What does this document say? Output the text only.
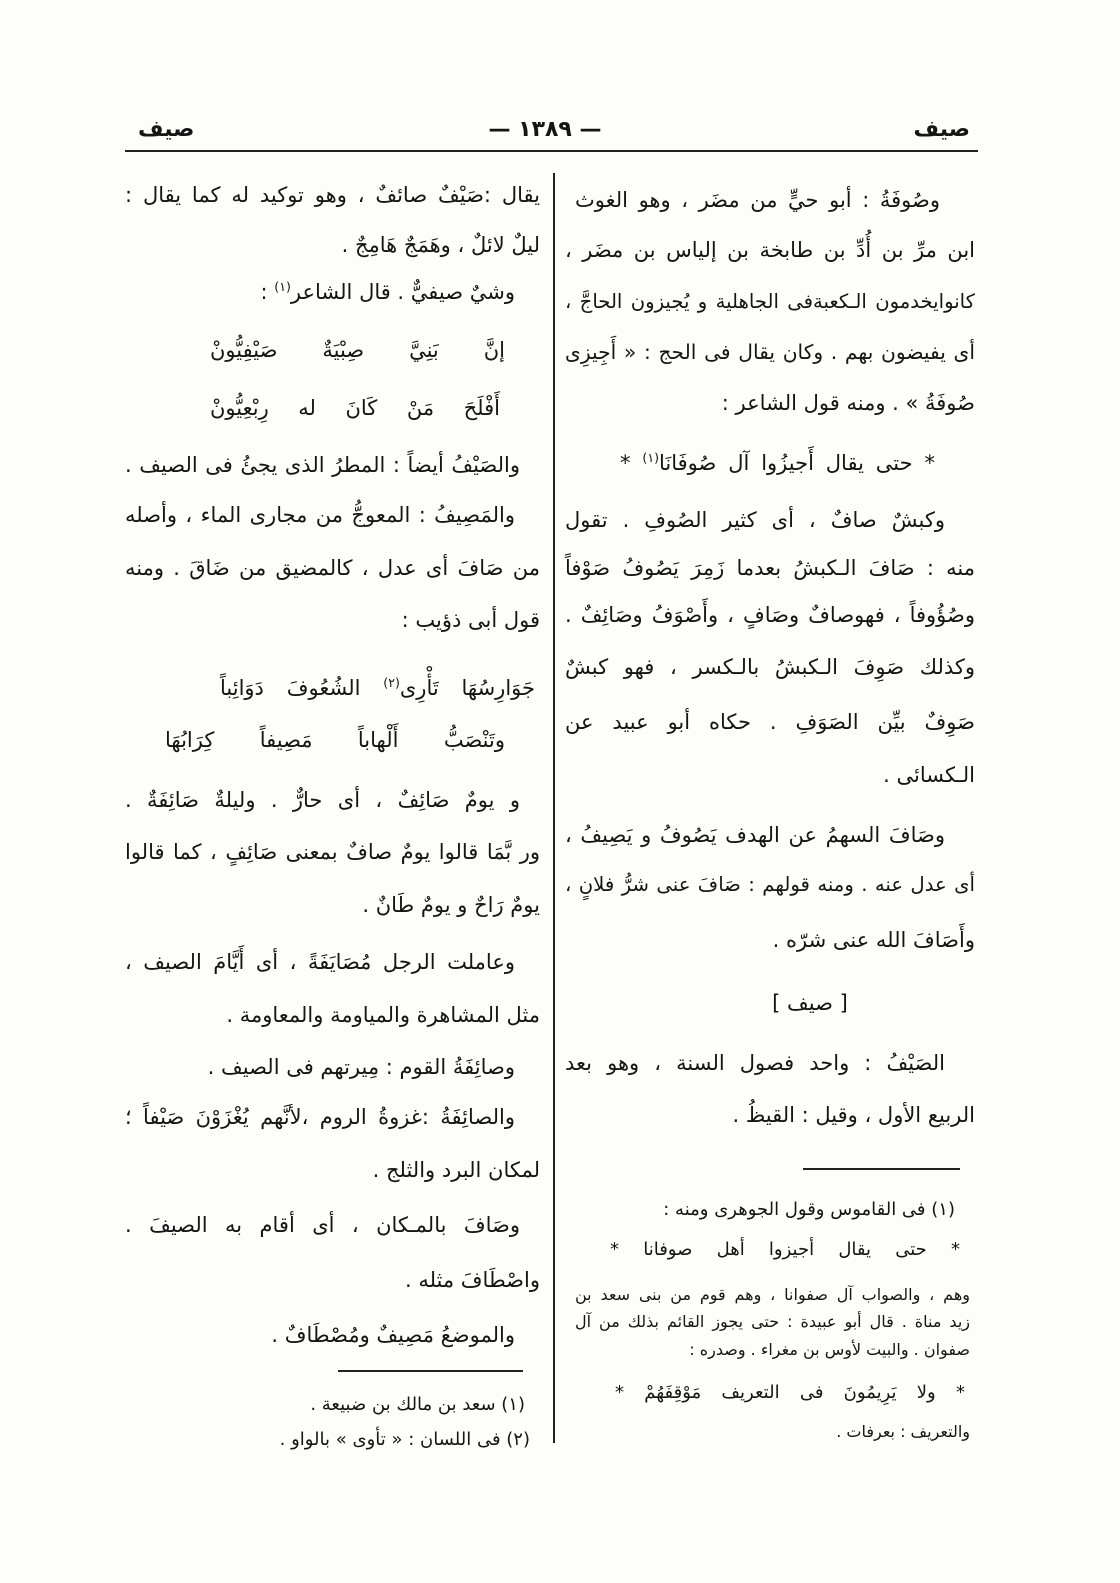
صيف
— ١٣٨٩ —
صيف
وصُوفَةُ : أبو حيٍّ من مضَر ، وهو الغوث
ابن مرِّ بن أُدِّ بن طابخة بن إلياس بن مضَر ،
كانوايخدمون الـكعبةفى الجاهلية و يُجيزون الحاجَّ ،
أى يفيضون بهم . وكان يقال فى الحج : « أَجِيزِى
صُوفَةُ » . ومنه قول الشاعر :
* حتى يقال أَجيزُوا آل صُوفَانَا$^{(١)}$ *
وكبشٌ صافٌ ، أى كثير الصُوفِ . تقول
منه : صَافَ الـكبشُ بعدما زَمِرَ يَصُوفُ صَوْفاً
وصُؤُوفاً ، فهوصافٌ وصَافٍ ، وأَصْوَفُ وصَائِفٌ .
وكذلك صَوِفَ الـكبشُ بالـكسر ، فهو كبشٌ
صَوِفٌ بيِّن الصَوَفِ . حكاه أبو عبيد عن
الـكسائى .
وصَافَ السهمُ عن الهدف يَصُوفُ و يَصِيفُ ،
أى عدل عنه . ومنه قولهم : صَافَ عنى شرُّ فلانٍ ،
وأَصَافَ الله عنى شرّه .
[ صيف ]
الصَيْفُ : واحد فصول السنة ، وهو بعد
الربيع الأول ، وقيل : القيظُ .
(١) فى القاموس وقول الجوهرى ومنه :
* حتى يقال أجيزوا أهل صوفانا *
وهم ، والصواب آل صفوانا ، وهم قوم من بنى سعد بن
زيد مناة . قال أبو عبيدة : حتى يجوز القائم بذلك من آل
صفوان . والبيت لأوس بن مغراء . وصدره :
* ولا يَرِيمُونَ فى التعريف مَوْقِفَهُمْ *
والتعريف : بعرفات .
يقال :صَيْفٌ صائفٌ ، وهو توكيد له كما يقال :
ليلٌ لائلٌ ، وهَمَجٌ هَامِجٌ .
وشيٌ صيفيٌّ . قال الشاعر$^{(١)}$ :
إنَّ بَنِيَّ صِبْيَةٌ صَيْفِيُّونْ
أَفْلَحَ مَنْ كَانَ له رِبْعِيُّونْ
والصَيْفُ أيضاً : المطرُ الذى يجئُ فى الصيف .
والمَصِيفُ : المعوجُّ من مجارى الماء ، وأصله
من صَافَ أى عدل ، كالمضيق من ضَاقَ . ومنه
قول أبى ذؤيب :
جَوَارِسُهَا تَأْرِى$^{(٢)}$ الشُعُوفَ دَوَائِباً
وتَنْصَبُّ أَلْهاباً مَصِيفاً كِرَابُهَا
و يومٌ صَائِفٌ ، أى حارٌّ . وليلةٌ صَائِفَةٌ .
ور بَّمَا قالوا يومٌ صافٌ بمعنى صَائِفٍ ، كما قالوا
يومٌ رَاحٌ و يومٌ طَانٌ .
وعاملت الرجل مُصَايَفَةً ، أى أَيَّامَ الصيف ،
مثل المشاهرة والمياومة والمعاومة .
وصائِفَةُ القوم : مِيرتهم فى الصيف .
والصائِفَةُ :غزوةُ الروم ،لأنَّهم يُغْزَوْنَ صَيْفاً ؛
لمكان البرد والثلج .
وصَافَ بالمـكان ، أى أقام به الصيفَ .
واصْطَافَ مثله .
والموضعُ مَصِيفٌ ومُصْطَافٌ .
(١) سعد بن مالك بن ضبيعة .
(٢) فى اللسان : « تأوى » بالواو .
